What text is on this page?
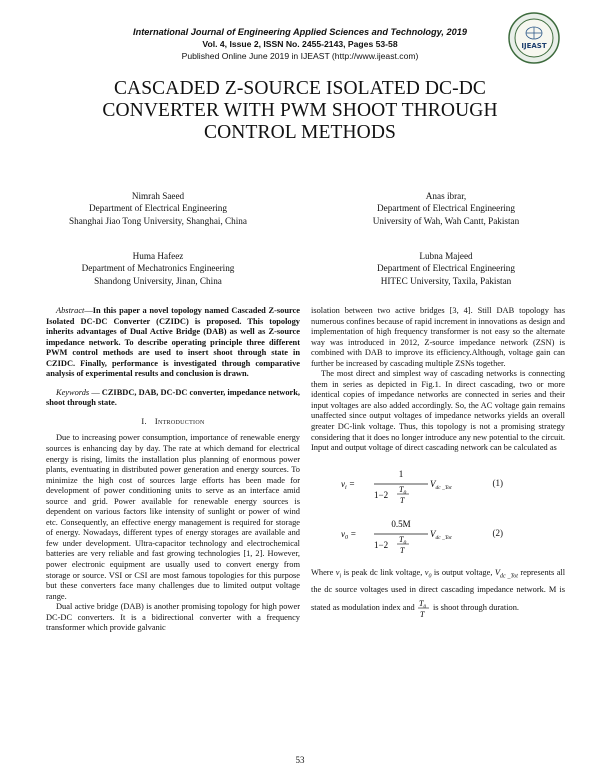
International Journal of Engineering Applied Sciences and Technology, 2019
Vol. 4, Issue 2, ISSN No. 2455-2143, Pages 53-58
Published Online June 2019 in IJEAST (http://www.ijeast.com)
IJEAST
CASCADED Z-SOURCE ISOLATED DC-DC
CONVERTER WITH PWM SHOOT THROUGH
CONTROL METHODS
Nimrah Saeed
Department of Electrical Engineering
Shanghai Jiao Tong University, Shanghai, China
Anas ibrar,
Department of Electrical Engineering
University of Wah, Wah Cantt, Pakistan
Huma Hafeez
Department of Mechatronics Engineering
Shandong University, Jinan, China
Lubna Majeed
Department of Electrical Engineering
HITEC University, Taxila, Pakistan

Abstract—In this paper a novel topology named Cascaded Z-source Isolated DC-DC Converter (CZIDC) is proposed. This topology inherits advantages of Dual Active Bridge (DAB) as well as Z-source impedance network. To describe operating principle three different PWM control methods are used to insert shoot through state in CZIDC. Finally, performance is investigated through comparative analysis of experimental results and conclusion is drawn.

Keywords — CZIBDC, DAB, DC-DC converter, impedance network, shoot through state.

I. Introduction

Due to increasing power consumption, importance of renewable energy sources is enhancing day by day. The rate at which demand for electrical energy is rising, limits the installation plus planning of enormous power plants, eventuating in distributed power generation and energy sources. To minimize the high cost of sources large efforts has been made for development of power conditioning units to serve as an interface amid source and grid. Power available for renewable energy sources is dependent on various factors like intensity of sunlight or power of wind etc. Consequently, an effective energy management is required for storage of energy. Nowadays, different types of energy storages are available and few under development. Ultra-capacitor technology and electrochemical batteries are very reliable and fast growing technologies [1, 2]. However, power electronic equipment are usually used to convert energy from storage or source. VSI or CSI are most famous topologies for this purpose but these converters face many challenges due to limited output voltage range.

Dual active bridge (DAB) is another promising topology for high power DC-DC converters. It is a bidirectional converter with a frequency transformer which provide galvanic

isolation between two active bridges [3, 4]. Still DAB topology has numerous confines because of rapid increment in innovations as design and implementation of high frequency transformer is not easy so the alternate way was introduced in 2012, Z-source impedance network (ZSN) is combined with DAB to improve its efficiency.Although, voltage gain can further be increased by cascading multiple ZSNs together.

The most direct and simplest way of cascading networks is connecting them in series as depicted in Fig.1. In direct cascading, two or more identical copies of impedance networks are connected in series and their input voltages are also added accordingly. So, the AC voltage gain remains unaffected since output voltages of impedance networks yields an overall greater DC-link voltage. Thus, this topology is not a promising strategy considering that it does no longer introduce any new potential to the circuit. Input and output voltage of direct cascading network can be calculated as

$v_i$ =
1
1−2
$T_0$
T
$V_{dc \_Tot}$	(1)
$v_0$ =
0.5M
1−2
$T_0$
T
$V_{dc \_Tot}$	(2)

Where $v_i$ is peak dc link voltage, $v_0$ is output voltage, $V_{dc \_Tot}$ represents all the dc source voltages used in direct cascading impedance network. M is stated as modulation index and $T_0$
T
is shoot through duration.

53
